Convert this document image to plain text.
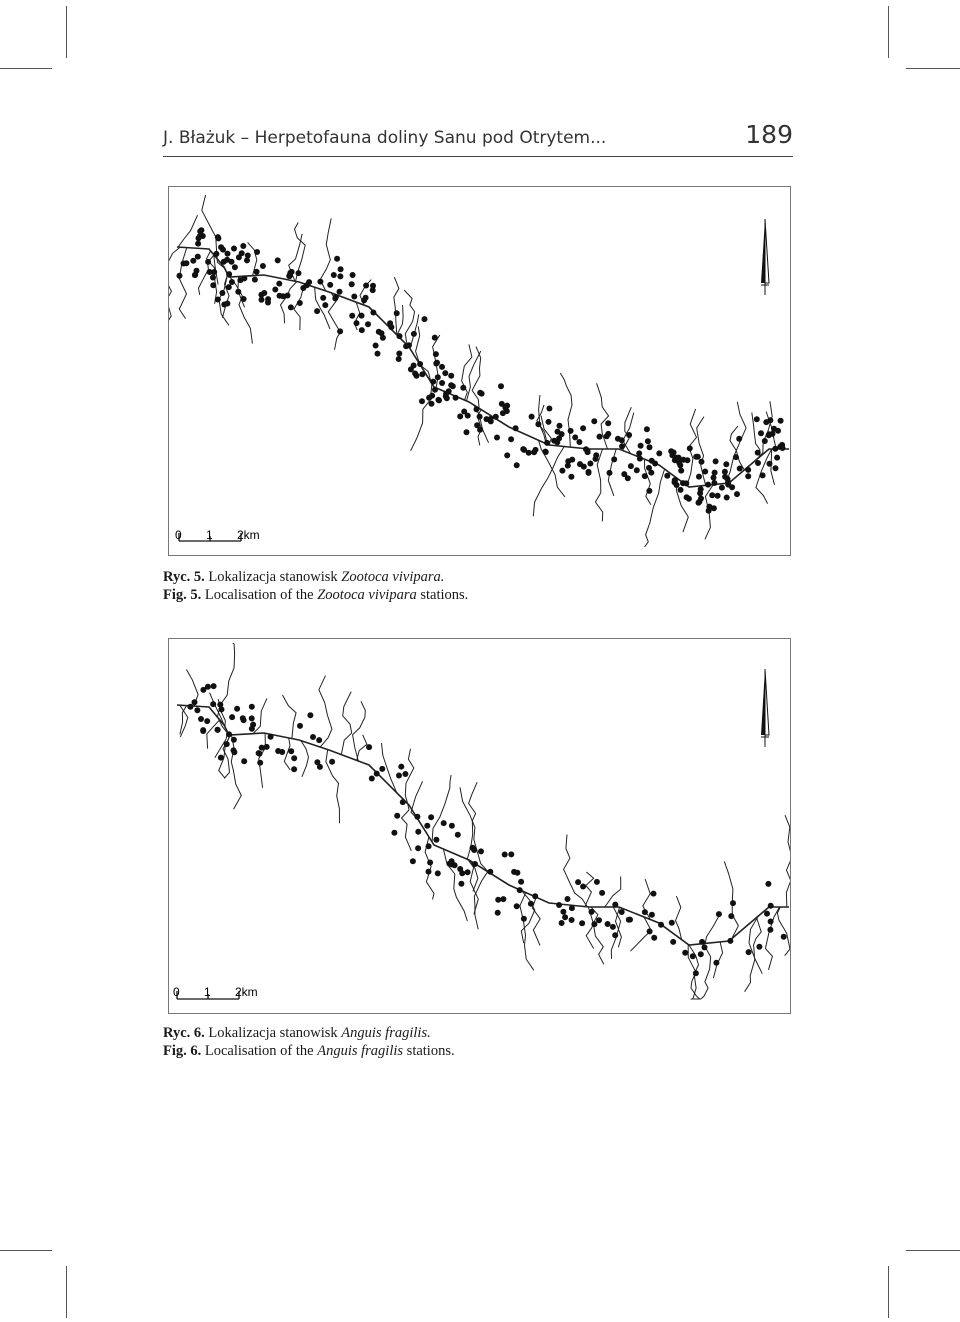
J. Błażuk – Herpetofauna doliny Sanu pod Otrytem...	189
0 1 2km
Ryc. 5. Lokalizacja stanowisk Zootoca vivipara.
Fig. 5. Localisation of the Zootoca vivipara stations.
0 1 2km
Ryc. 6. Lokalizacja stanowisk Anguis fragilis.
Fig. 6. Localisation of the Anguis fragilis stations.
